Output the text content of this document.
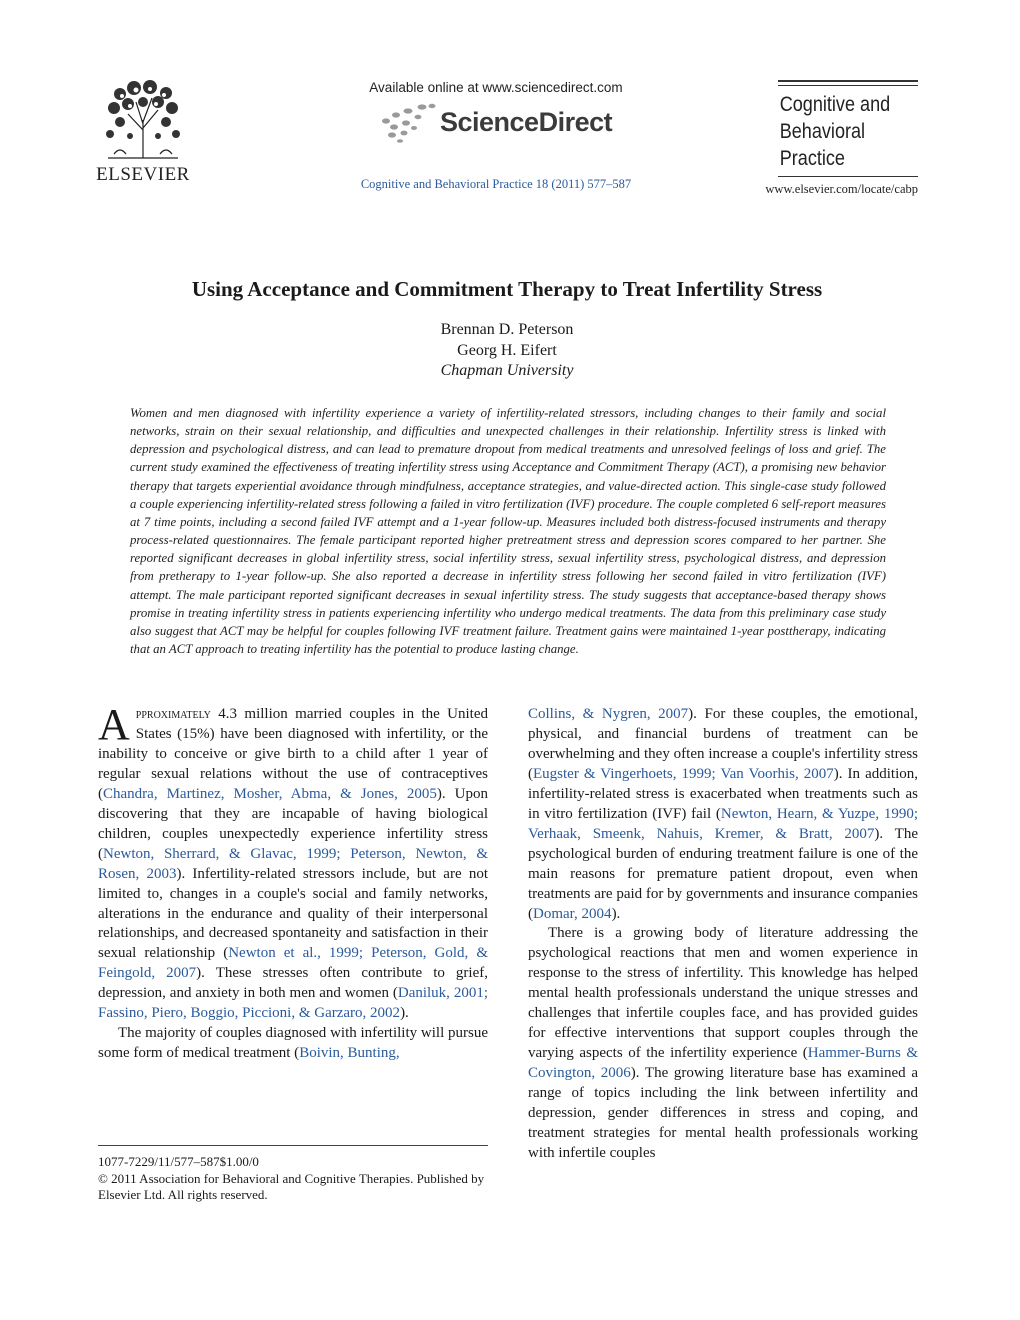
ELSEVIER
Available online at www.sciencedirect.com
ScienceDirect
Cognitive and Behavioral Practice 18 (2011) 577–587
Cognitive and
Behavioral
Practice
www.elsevier.com/locate/cabp
Using Acceptance and Commitment Therapy to Treat Infertility Stress
Brennan D. Peterson
Georg H. Eifert
Chapman University
Women and men diagnosed with infertility experience a variety of infertility-related stressors, including changes to their family and social networks, strain on their sexual relationship, and difficulties and unexpected challenges in their relationship. Infertility stress is linked with depression and psychological distress, and can lead to premature dropout from medical treatments and unresolved feelings of loss and grief. The current study examined the effectiveness of treating infertility stress using Acceptance and Commitment Therapy (ACT), a promising new behavior therapy that targets experiential avoidance through mindfulness, acceptance strategies, and value-directed action. This single-case study followed a couple experiencing infertility-related stress following a failed in vitro fertilization (IVF) procedure. The couple completed 6 self-report measures at 7 time points, including a second failed IVF attempt and a 1-year follow-up. Measures included both distress-focused instruments and therapy process-related questionnaires. The female participant reported higher pretreatment stress and depression scores compared to her partner. She reported significant decreases in global infertility stress, social infertility stress, sexual infertility stress, psychological distress, and depression from pretherapy to 1-year follow-up. She also reported a decrease in infertility stress following her second failed in vitro fertilization (IVF) attempt. The male participant reported significant decreases in sexual infertility stress. The study suggests that acceptance-based therapy shows promise in treating infertility stress in patients experiencing infertility who undergo medical treatments. The data from this preliminary case study also suggest that ACT may be helpful for couples following IVF treatment failure. Treatment gains were maintained 1-year posttherapy, indicating that an ACT approach to treating infertility has the potential to produce lasting change.

Approximately 4.3 million married couples in the United States (15%) have been diagnosed with infertility, or the inability to conceive or give birth to a child after 1 year of regular sexual relations without the use of contraceptives (Chandra, Martinez, Mosher, Abma, & Jones, 2005). Upon discovering that they are incapable of having biological children, couples unexpectedly experience infertility stress (Newton, Sherrard, & Glavac, 1999; Peterson, Newton, & Rosen, 2003). Infertility-related stressors include, but are not limited to, changes in a couple's social and family networks, alterations in the endurance and quality of their interpersonal relationships, and decreased spontaneity and satisfaction in their sexual relationship (Newton et al., 1999; Peterson, Gold, & Feingold, 2007). These stresses often contribute to grief, depression, and anxiety in both men and women (Daniluk, 2001; Fassino, Piero, Boggio, Piccioni, & Garzaro, 2002).

The majority of couples diagnosed with infertility will pursue some form of medical treatment (Boivin, Bunting,

Collins, & Nygren, 2007). For these couples, the emotional, physical, and financial burdens of treatment can be overwhelming and they often increase a couple's infertility stress (Eugster & Vingerhoets, 1999; Van Voorhis, 2007). In addition, infertility-related stress is exacerbated when treatments such as in vitro fertilization (IVF) fail (Newton, Hearn, & Yuzpe, 1990; Verhaak, Smeenk, Nahuis, Kremer, & Bratt, 2007). The psychological burden of enduring treatment failure is one of the main reasons for premature patient dropout, even when treatments are paid for by governments and insurance companies (Domar, 2004).

There is a growing body of literature addressing the psychological reactions that men and women experience in response to the stress of infertility. This knowledge has helped mental health professionals understand the unique stresses and challenges that infertile couples face, and has provided guides for effective interventions that support couples through the varying aspects of the infertility experience (Hammer-Burns & Covington, 2006). The growing literature base has examined a range of topics including the link between infertility and depression, gender differences in stress and coping, and treatment strategies for mental health professionals working with infertile couples

1077-7229/11/577–587$1.00/0

© 2011 Association for Behavioral and Cognitive Therapies. Published by Elsevier Ltd. All rights reserved.
